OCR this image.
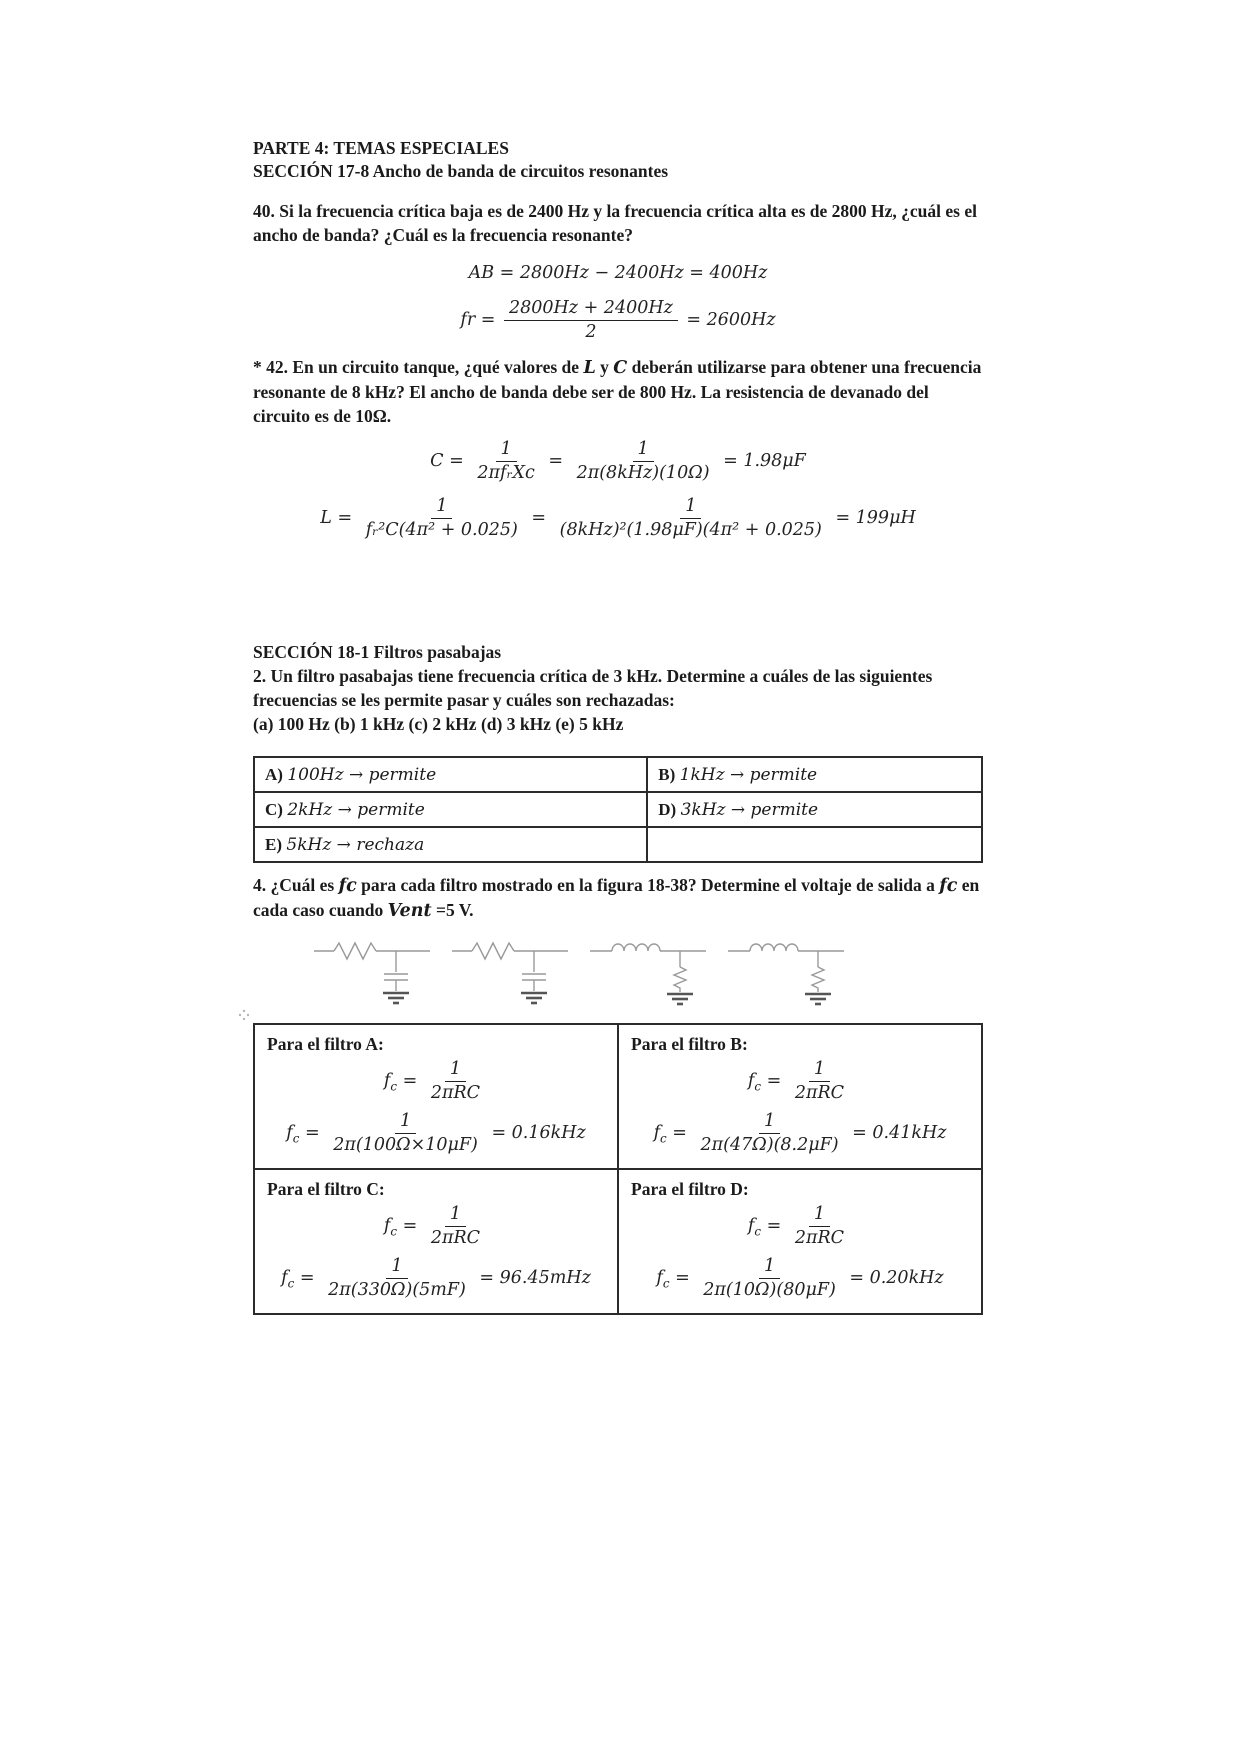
PARTE 4: TEMAS ESPECIALES

SECCIÓN 17-8 Ancho de banda de circuitos resonantes

40. Si la frecuencia crítica baja es de 2400 Hz y la frecuencia crítica alta es de 2800 Hz, ¿cuál es el ancho de banda? ¿Cuál es la frecuencia resonante?

AB = 2800Hz − 2400Hz = 400Hz
fr = $\frac{2800Hz + 2400Hz}{2} = 2600Hz$

* 42. En un circuito tanque, ¿qué valores de L y C deberán utilizarse para obtener una frecuencia resonante de 8 kHz? El ancho de banda debe ser de 800 Hz. La resistencia de devanado del circuito es de 10Ω.

$C = \frac{1}{\text{2πfᵣXc}} = \frac{1}{\text{2π(8kHz)(10Ω)}} = 1.98\mu F$
$L = \frac{1}{\text{fᵣ²C(4π² + 0.025)}} = \frac{1}{\text{(8kHz)²(1.98μF)(4π² + 0.025)}} = 199\mu H$

SECCIÓN 18-1 Filtros pasabajas

2. Un filtro pasabajas tiene frecuencia crítica de 3 kHz. Determine a cuáles de las siguientes frecuencias se les permite pasar y cuáles son rechazadas:

(a) 100 Hz (b) 1 kHz (c) 2 kHz (d) 3 kHz (e) 5 kHz

A) 100Hz → permite	B) 1kHz → permite
C) 2kHz → permite	D) 3kHz → permite
E) 5kHz → rechaza	

4. ¿Cuál es fc para cada filtro mostrado en la figura 18-38? Determine el voltaje de salida a fc en cada caso cuando Vent =5 V.

Para el filtro A:
$f_c = \frac{1}{\text{2πRC}}$
$f_c = \frac{1}{2\pi(100\Omega\times 10\mu F)} = 0.16kHz$

Para el filtro B:
$f_c = \frac{1}{\text{2πRC}}$
$f_c = \frac{1}{2\pi(47\Omega)(8.2\mu F)} = 0.41kHz$

Para el filtro C:
$f_c = \frac{1}{\text{2πRC}}$
$f_c = \frac{1}{2\pi(330\Omega)(5mF)} = 96.45mHz$

Para el filtro D:
$f_c = \frac{1}{\text{2πRC}}$
$f_c = \frac{1}{2\pi(10\Omega)(80\mu F)} = 0.20kHz$
